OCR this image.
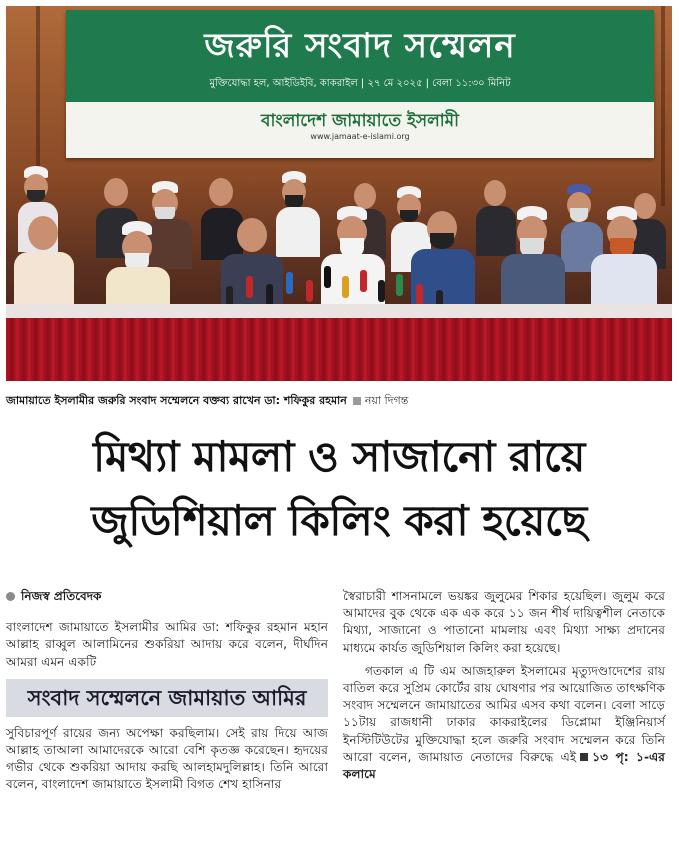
জরুরি সংবাদ সম্মেলন
মুক্তিযোদ্ধা হল, আইডিইবি, কাকরাইল | ২৭ মে ২০২৫ | বেলা ১১:৩০ মিনিট
বাংলাদেশ জামায়াতে ইসলামী
www.jamaat-e-islami.org
জামায়াতে ইসলামীর জরুরি সংবাদ সম্মেলনে বক্তব্য রাখেন ডা: শফিকুর রহমান নয়া দিগন্ত
মিথ্যা মামলা ও সাজানো রায়ে
জুডিশিয়াল কিলিং করা হয়েছে
নিজস্ব প্রতিবেদক

বাংলাদেশ জামায়াতে ইসলামীর আমির ডা: শফিকুর রহমান মহান আল্লাহ রাব্বুল আলামিনের শুকরিয়া আদায় করে বলেন, দীর্ঘদিন আমরা এমন একটি

সংবাদ সম্মেলনে জামায়াত আমির

সুবিচারপূর্ণ রায়ের জন্য অপেক্ষা করছিলাম। সেই রায় দিয়ে আজ আল্লাহ তাআলা আমাদেরকে আরো বেশি কৃতজ্ঞ করেছেন। হৃদয়ের গভীর থেকে শুকরিয়া আদায় করছি আলহামদুলিল্লাহ। তিনি আরো বলেন, বাংলাদেশ জামায়াতে ইসলামী বিগত শেখ হাসিনার

স্বৈরাচারী শাসনামলে ভয়ঙ্কর জুলুমের শিকার হয়েছিল। জুলুম করে আমাদের বুক থেকে এক এক করে ১১ জন শীর্ষ দায়িত্বশীল নেতাকে মিথ্যা, সাজানো ও পাতানো মামলায় এবং মিথ্যা সাক্ষ্য প্রদানের মাধ্যমে কার্যত জুডিশিয়াল কিলিং করা হয়েছে।

গতকাল এ টি এম আজহারুল ইসলামের মৃত্যুদণ্ডাদেশের রায় বাতিল করে সুপ্রিম কোর্টের রায় ঘোষণার পর আয়োজিত তাৎক্ষণিক সংবাদ সম্মেলনে জামায়াতের আমির এসব কথা বলেন। বেলা সাড়ে ১১টায় রাজধানী ঢাকার কাকরাইলের ডিপ্লোমা ইঞ্জিনিয়ার্স ইনস্টিটিউটের মুক্তিযোদ্ধা হলে জরুরি সংবাদ সম্মেলন করে তিনি আরো বলেন, জামায়াত নেতাদের বিরুদ্ধে এই ১৩ পৃ: ১-এর কলামে
